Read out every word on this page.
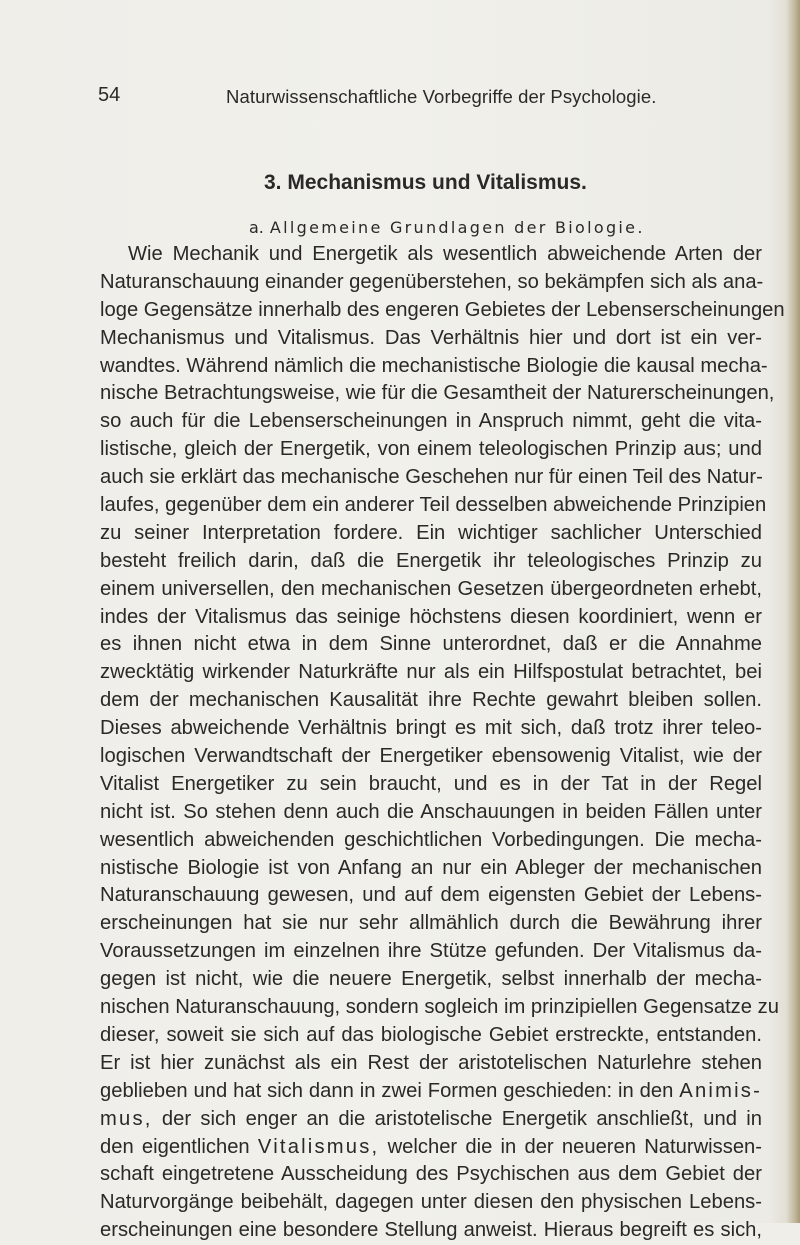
54	Naturwissenschaftliche Vorbegriffe der Psychologie.
3. Mechanismus und Vitalismus.
a. Allgemeine Grundlagen der Biologie.
Wie Mechanik und Energetik als wesentlich abweichende Arten der
Naturanschauung einander gegenüberstehen, so bekämpfen sich als ana-
loge Gegensätze innerhalb des engeren Gebietes der Lebenserscheinungen
Mechanismus und Vitalismus. Das Verhältnis hier und dort ist ein ver-
wandtes. Während nämlich die mechanistische Biologie die kausal mecha-
nische Betrachtungsweise, wie für die Gesamtheit der Naturerscheinungen,
so auch für die Lebenserscheinungen in Anspruch nimmt, geht die vita-
listische, gleich der Energetik, von einem teleologischen Prinzip aus; und
auch sie erklärt das mechanische Geschehen nur für einen Teil des Natur-
laufes, gegenüber dem ein anderer Teil desselben abweichende Prinzipien
zu seiner Interpretation fordere. Ein wichtiger sachlicher Unterschied
besteht freilich darin, daß die Energetik ihr teleologisches Prinzip zu
einem universellen, den mechanischen Gesetzen übergeordneten erhebt,
indes der Vitalismus das seinige höchstens diesen koordiniert, wenn er
es ihnen nicht etwa in dem Sinne unterordnet, daß er die Annahme
zwecktätig wirkender Naturkräfte nur als ein Hilfspostulat betrachtet, bei
dem der mechanischen Kausalität ihre Rechte gewahrt bleiben sollen.
Dieses abweichende Verhältnis bringt es mit sich, daß trotz ihrer teleo-
logischen Verwandtschaft der Energetiker ebensowenig Vitalist, wie der
Vitalist Energetiker zu sein braucht, und es in der Tat in der Regel
nicht ist. So stehen denn auch die Anschauungen in beiden Fällen unter
wesentlich abweichenden geschichtlichen Vorbedingungen. Die mecha-
nistische Biologie ist von Anfang an nur ein Ableger der mechanischen
Naturanschauung gewesen, und auf dem eigensten Gebiet der Lebens-
erscheinungen hat sie nur sehr allmählich durch die Bewährung ihrer
Voraussetzungen im einzelnen ihre Stütze gefunden. Der Vitalismus da-
gegen ist nicht, wie die neuere Energetik, selbst innerhalb der mecha-
nischen Naturanschauung, sondern sogleich im prinzipiellen Gegensatze zu
dieser, soweit sie sich auf das biologische Gebiet erstreckte, entstanden.
Er ist hier zunächst als ein Rest der aristotelischen Naturlehre stehen
geblieben und hat sich dann in zwei Formen geschieden: in den Animis-
mus, der sich enger an die aristotelische Energetik anschließt, und in
den eigentlichen Vitalismus, welcher die in der neueren Naturwissen-
schaft eingetretene Ausscheidung des Psychischen aus dem Gebiet der
Naturvorgänge beibehält, dagegen unter diesen den physischen Lebens-
erscheinungen eine besondere Stellung anweist. Hieraus begreift es sich,
